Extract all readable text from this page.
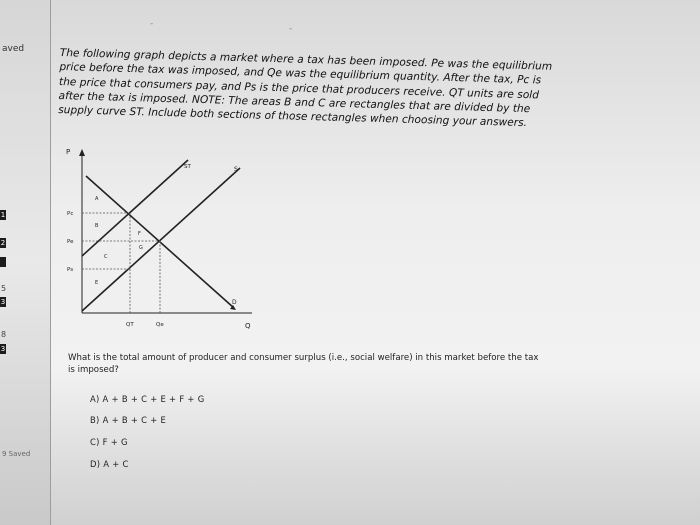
aved
1
2
5
3
8
3
9 Saved
-	-
The following graph depicts a market where a tax has been imposed. Pe was the equilibrium price before the tax was imposed, and Qe was the equilibrium quantity. After the tax, Pc is the price that consumers pay, and Ps is the price that producers receive. QT units are sold after the tax is imposed. NOTE: The areas B and C are rectangles that are divided by the supply curve ST. Include both sections of those rectangles when choosing your answers.
P
Q
S
ST
D
Pc
Pe
Ps
QT	Qe
A
B
C
E
F
G
What is the total amount of producer and consumer surplus (i.e., social welfare) in this market before the tax is imposed?
A) A + B + C + E + F + G
B) A + B + C + E
C) F + G
D) A + C
